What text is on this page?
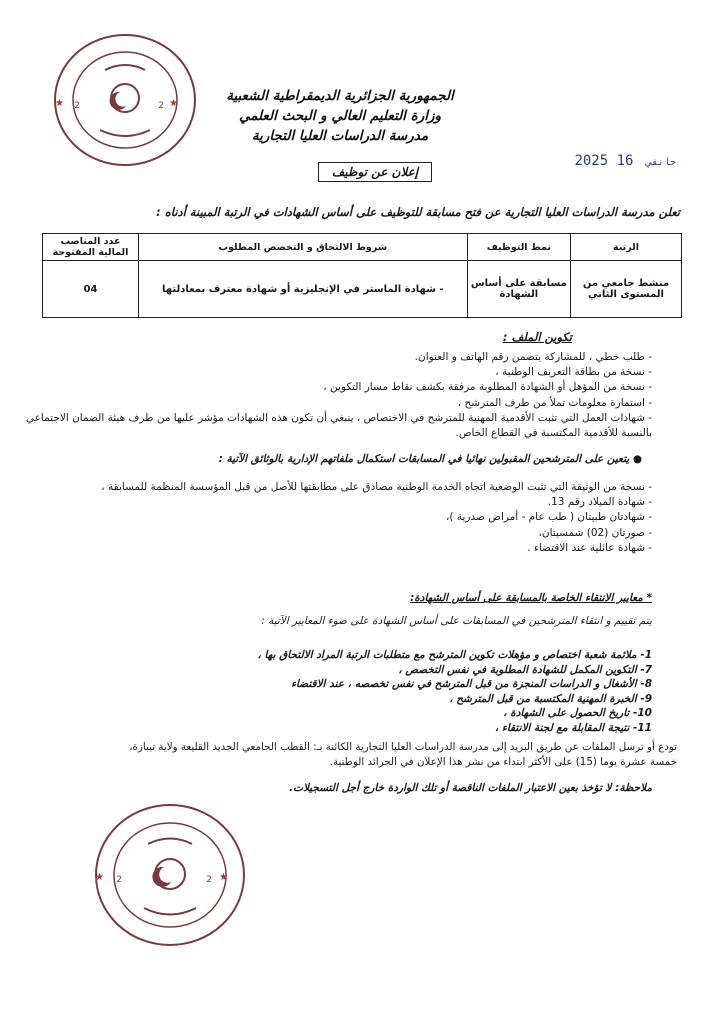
★	★
2	2
الجمهورية الجزائرية الديمقراطية الشعبية
وزارة التعليم العالي و البحث العلمي
مدرسة الدراسات العليا التجارية
2025	جانفي 16
إعلان عن توظيف
تعلن مدرسة الدراسات العليا التجارية عن فتح مسابقة للتوظيف على أساس الشهادات في الرتبة المبينة أدناه :
الرتبة	نمط التوظيف	شروط الالتحاق و التخصص المطلوب	عدد المناصب المالية المفتوحة
منشط جامعي من المستوى الثاني	مسابقة على أساس الشهادة	- شهادة الماستر في الإنجليزية أو شهادة معترف بمعادلتها	04
تكوين الملف :
- طلب خطي ، للمشاركة يتضمن رقم الهاتف و العنوان.
- نسخة من بطاقة التعريف الوطنية ،
- نسخة من المؤهل أو الشهادة المطلوبة مرفقة بكشف نقاط مسار التكوين ،
- استمارة معلومات تملأ من طرف المترشح ،
- شهادات العمل التي تثبت الأقدمية المهنية للمترشح في الاختصاص ، ينبغي أن تكون هذه الشهادات مؤشر عليها من طرف هيئة الضمان الاجتماعي
بالنسبة للأقدمية المكتسبة في القطاع الخاص.
● يتعين على المترشحين المقبولين نهائيا في المسابقات استكمال ملفاتهم الإدارية بالوثائق الآتية :
- نسخة من الوثيقة التي تثبت الوضعية اتجاه الخدمة الوطنية مصادق على مطابقتها للأصل من قبل المؤسسة المنظمة للمسابقة ،
- شهادة الميلاد رقم 13.
- شهادتان طبيتان ( طب عام - أمراض صدرية )،
- صورتان (02) شمسيتان،
- شهادة عائلية عند الاقتضاء .
* معايير الانتقاء الخاصة بالمسابقة على أساس الشهادة:
يتم تقييم و انتقاء المترشحين في المسابقات على أساس الشهادة على ضوء المعايير الآتية :
1- ملائمة شعبة اختصاص و مؤهلات تكوين المترشح مع متطلبات الرتبة المراد الالتحاق بها ،
7- التكوين المكمل للشهادة المطلوبة في نفس التخصص ،
8- الأشغال و الدراسات المنجزة من قبل المترشح في نفس تخصصه ، عند الاقتضاء
9- الخبرة المهنية المكتسبة من قبل المترشح ،
10- تاريخ الحصول على الشهادة ،
11- نتيجة المقابلة مع لجنة الانتقاء ،
تودع أو ترسل الملفات عن طريق البريد إلى مدرسة الدراسات العليا التجارية الكائنة بـ: القطب الجامعي الجديد القليعة ولاية تيبازة،
خمسة عشرة يوما (15) على الأكثر ابتداء من نشر هذا الإعلان في الجرائد الوطنية.
ملاحظة: لا تؤخذ بعين الاعتبار الملفات الناقصة أو تلك الواردة خارج أجل التسجيلات.
★	★
2	2
